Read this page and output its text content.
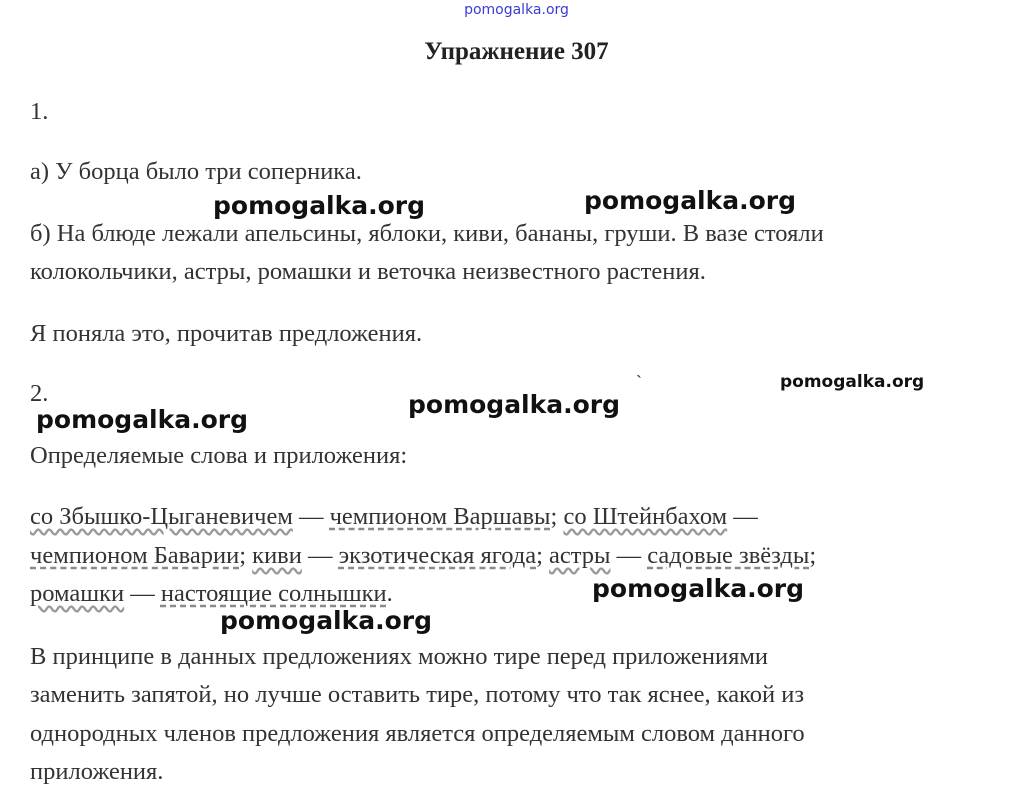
pomogalka.org
Упражнение 307
1.
а) У борца было три соперника.
б) На блюде лежали апельсины, яблоки, киви, бананы, груши. В вазе стояли
колокольчики, астры, ромашки и веточка неизвестного растения.
Я поняла это, прочитав предложения.
2.
Определяемые слова и приложения:
со Збышко-Цыганевичем — чемпионом Варшавы; со Штейнбахом —
чемпионом Баварии; киви — экзотическая ягода; астры — садовые звёзды;
ромашки — настоящие солнышки.
В принципе в данных предложениях можно тире перед приложениями
заменить запятой, но лучше оставить тире, потому что так яснее, какой из
однородных членов предложения является определяемым словом данного
приложения.
`
pomogalka.org	pomogalka.org
pomogalka.org
pomogalka.org
pomogalka.org
pomogalka.org
pomogalka.org
